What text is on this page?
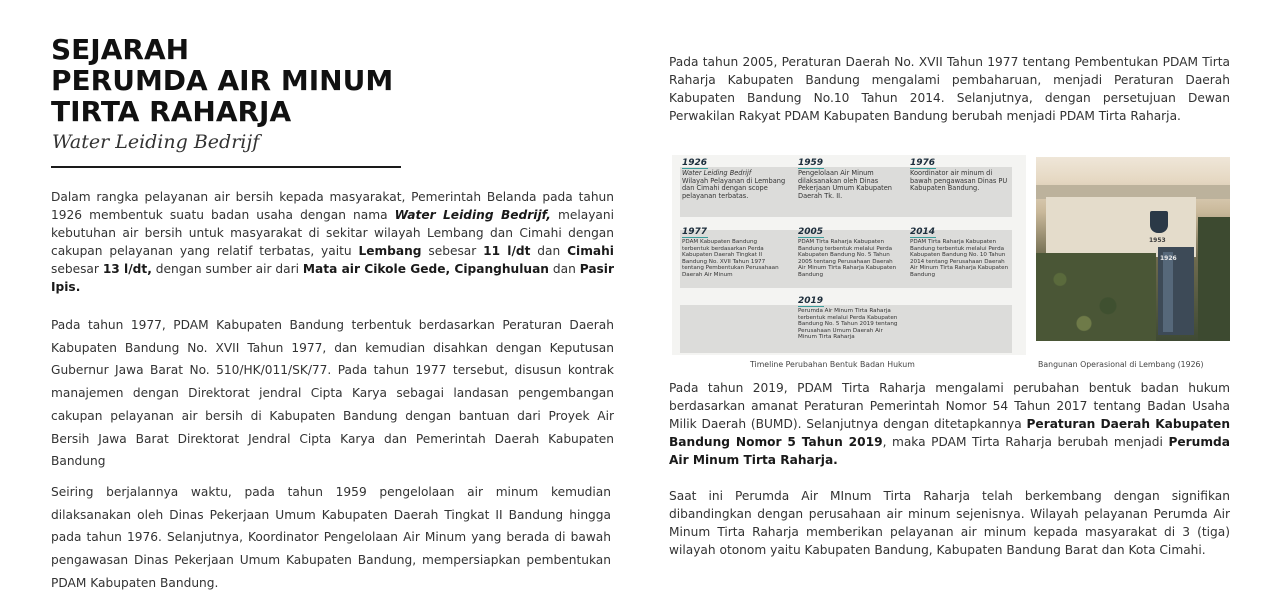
SEJARAH
PERUMDA AIR MINUM
TIRTA RAHARJA
Water Leiding Bedrijf

Dalam rangka pelayanan air bersih kepada masyarakat, Pemerintah Belanda pada tahun 1926 membentuk suatu badan usaha dengan nama Water Leiding Bedrijf, melayani kebutuhan air bersih untuk masyarakat di sekitar wilayah Lembang dan Cimahi dengan cakupan pelayanan yang relatif terbatas, yaitu Lembang sebesar 11 l/dt dan Cimahi sebesar 13 l/dt, dengan sumber air dari Mata air Cikole Gede, Cipanghuluan dan Pasir Ipis.

Pada tahun 1977, PDAM Kabupaten Bandung terbentuk berdasarkan Peraturan Daerah Kabupaten Bandung No. XVII Tahun 1977, dan kemudian disahkan dengan Keputusan Gubernur Jawa Barat No. 510/HK/011/SK/77. Pada tahun 1977 tersebut, disusun kontrak manajemen dengan Direktorat jendral Cipta Karya sebagai landasan pengembangan cakupan pelayanan air bersih di Kabupaten Bandung dengan bantuan dari Proyek Air Bersih Jawa Barat Direktorat Jendral Cipta Karya dan Pemerintah Daerah Kabupaten Bandung

Seiring berjalannya waktu, pada tahun 1959 pengelolaan air minum kemudian dilaksanakan oleh Dinas Pekerjaan Umum Kabupaten Daerah Tingkat II Bandung hingga pada tahun 1976. Selanjutnya, Koordinator Pengelolaan Air Minum yang berada di bawah pengawasan Dinas Pekerjaan Umum Kabupaten Bandung, mempersiapkan pembentukan PDAM Kabupaten Bandung.

Pada tahun 2005, Peraturan Daerah No. XVII Tahun 1977 tentang Pembentukan PDAM Tirta Raharja Kabupaten Bandung mengalami pembaharuan, menjadi Peraturan Daerah Kabupaten Bandung No.10 Tahun 2014. Selanjutnya, dengan persetujuan Dewan Perwakilan Rakyat PDAM Kabupaten Bandung berubah menjadi PDAM Tirta Raharja.

1926
Water Leiding Bedrijf
Wilayah Pelayanan di Lembang dan Cimahi dengan scope pelayanan terbatas.
1959
Pengelolaan Air Minum dilaksanakan oleh Dinas Pekerjaan Umum Kabupaten Daerah Tk. II.
1976
Koordinator air minum di bawah pengawasan Dinas PU Kabupaten Bandung.
1977
PDAM Kabupaten Bandung terbentuk berdasarkan Perda Kabupaten Daerah Tingkat II Bandung No. XVII Tahun 1977 tentang Pembentukan Perusahaan Daerah Air Minum
2005
PDAM Tirta Raharja Kabupaten Bandung terbentuk melalui Perda Kabupaten Bandung No. 5 Tahun 2005 tentang Perusahaan Daerah Air Minum Tirta Raharja Kabupaten Bandung
2014
PDAM Tirta Raharja Kabupaten Bandung terbentuk melalui Perda Kabupaten Bandung No. 10 Tahun 2014 tentang Perusahaan Daerah Air Minum Tirta Raharja Kabupaten Bandung
2019
Perumda Air Minum Tirta Raharja terbentuk melalui Perda Kabupaten Bandung No. 5 Tahun 2019 tentang Perusahaan Umum Daerah Air Minum Tirta Raharja
Timeline Perubahan Bentuk Badan Hukum
1953
1926
Bangunan Operasional di Lembang (1926)

Pada tahun 2019, PDAM Tirta Raharja mengalami perubahan bentuk badan hukum berdasarkan amanat Peraturan Pemerintah Nomor 54 Tahun 2017 tentang Badan Usaha Milik Daerah (BUMD). Selanjutnya dengan ditetapkannya Peraturan Daerah Kabupaten Bandung Nomor 5 Tahun 2019, maka PDAM Tirta Raharja berubah menjadi Perumda Air Minum Tirta Raharja.

Saat ini Perumda Air MInum Tirta Raharja telah berkembang dengan signifikan dibandingkan dengan perusahaan air minum sejenisnya. Wilayah pelayanan Perumda Air Minum Tirta Raharja memberikan pelayanan air minum kepada masyarakat di 3 (tiga) wilayah otonom yaitu Kabupaten Bandung, Kabupaten Bandung Barat dan Kota Cimahi.
